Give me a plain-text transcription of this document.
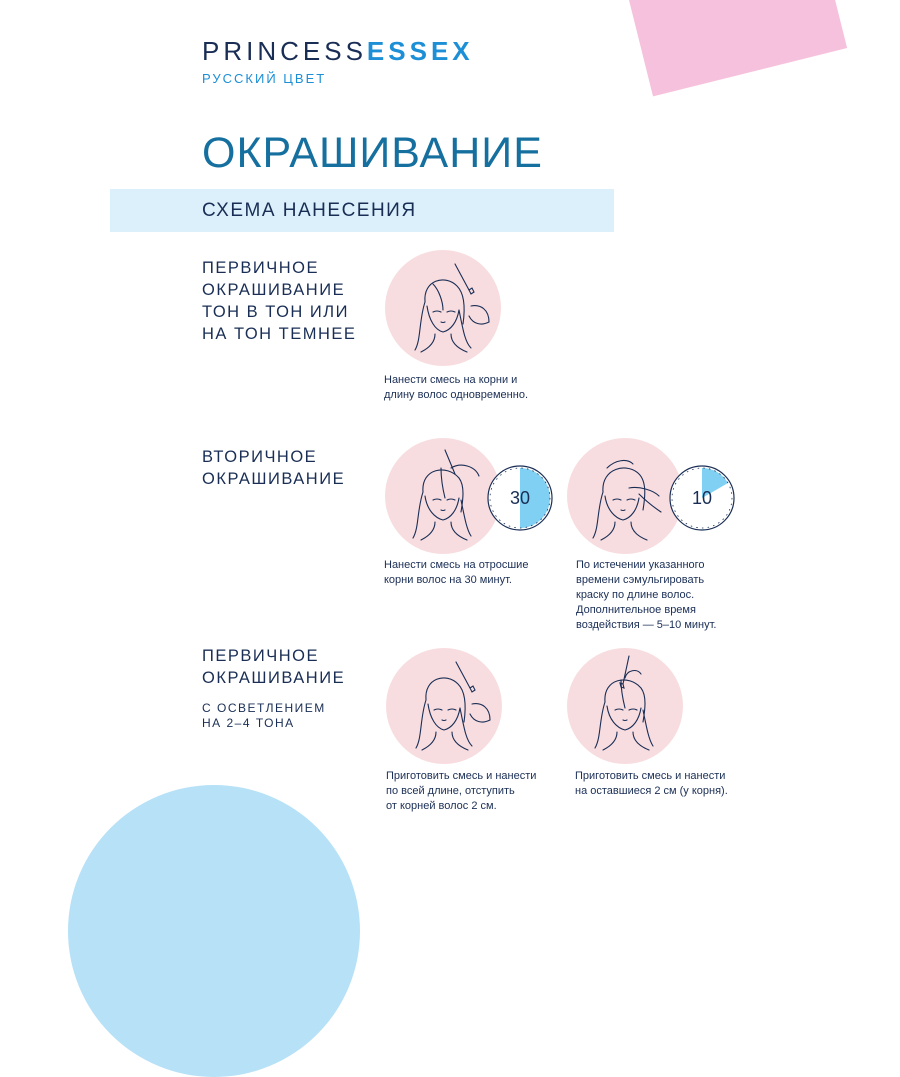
PRINCESSESSEX
РУССКИЙ ЦВЕТ
ОКРАШИВАНИЕ
СХЕМА НАНЕСЕНИЯ
ПЕРВИЧНОЕ
ОКРАШИВАНИЕ
ТОН В ТОН ИЛИ
НА ТОН ТЕМНЕЕ
Нанести смесь на корни и
длину волос одновременно.
ВТОРИЧНОЕ
ОКРАШИВАНИЕ
30
Нанести смесь на отросшие
корни волос на 30 минут.
10
По истечении указанного
времени сэмульгировать
краску по длине волос.
Дополнительное время
воздействия — 5–10 минут.
ПЕРВИЧНОЕ
ОКРАШИВАНИЕ
С ОСВЕТЛЕНИЕМ
НА 2–4 ТОНА
Приготовить смесь и нанести
по всей длине, отступить
от корней волос 2 см.
Приготовить смесь и нанести
на оставшиеся 2 см (у корня).
